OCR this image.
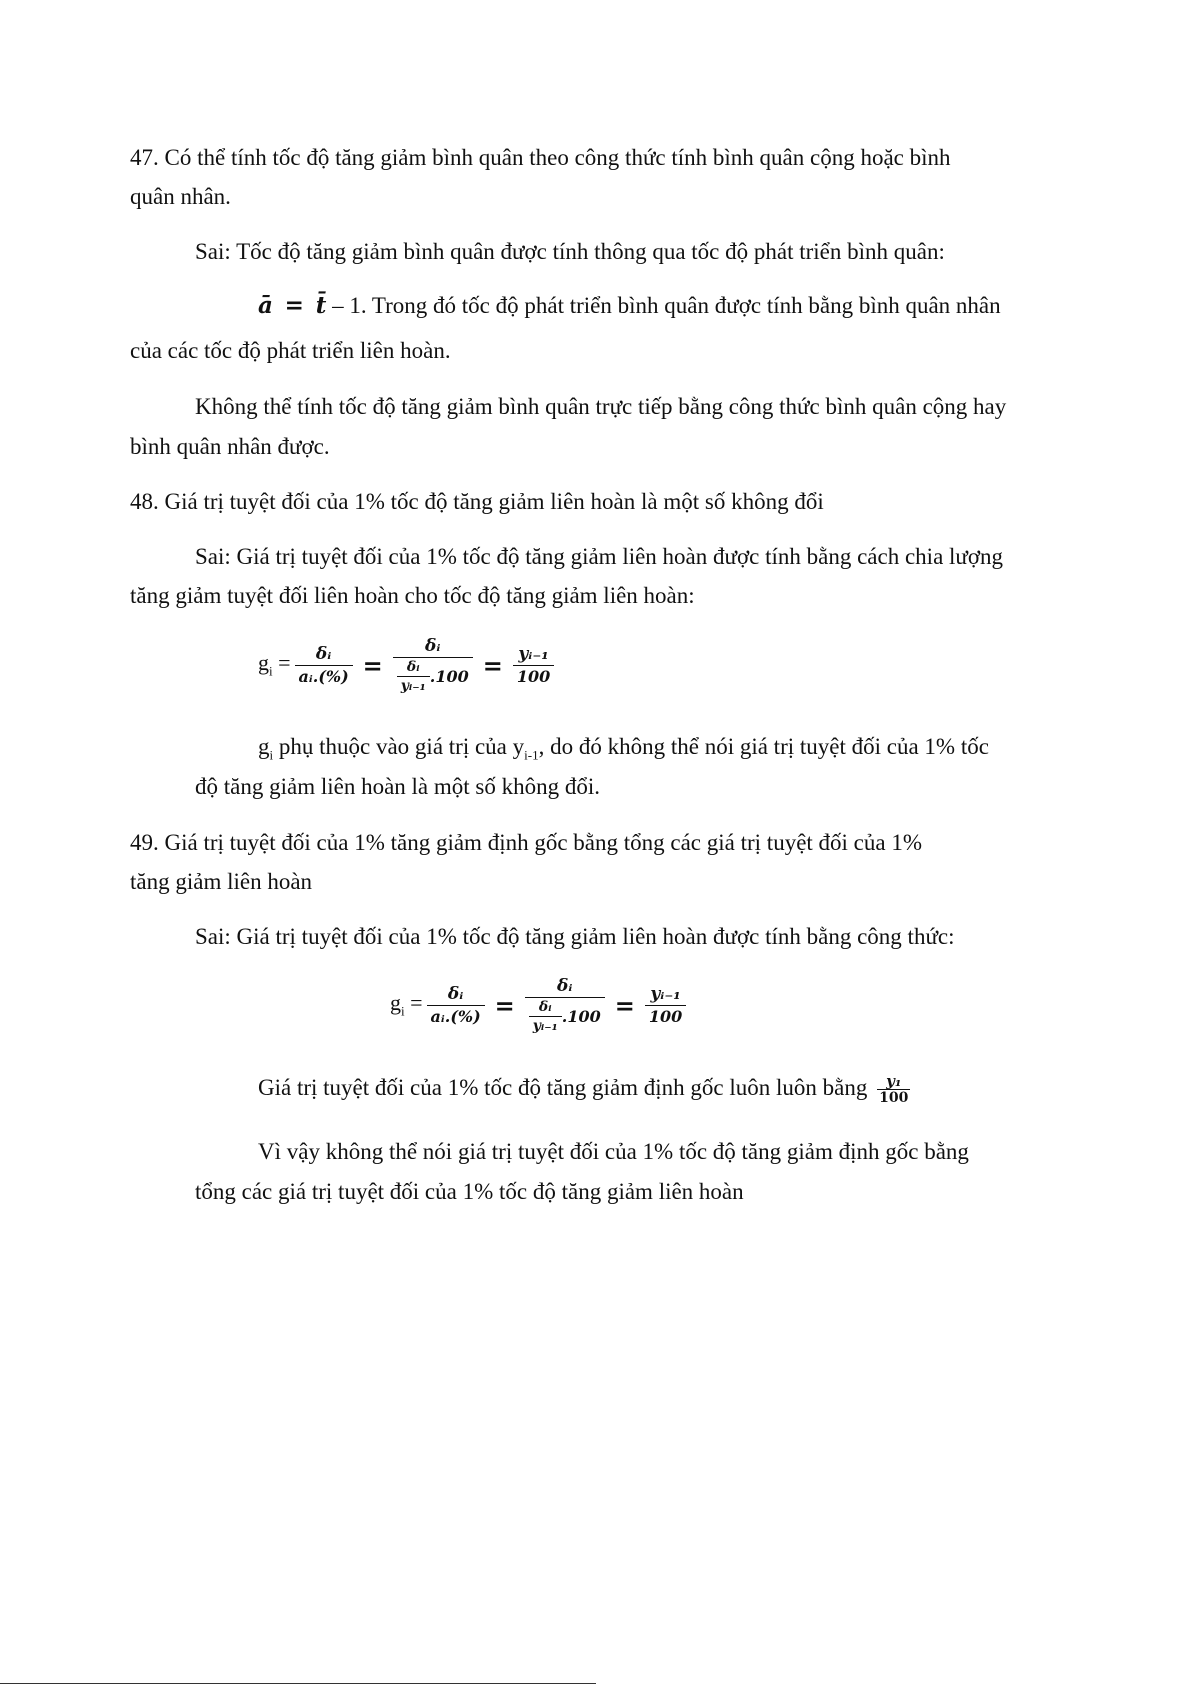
47. Có thể tính tốc độ tăng giảm bình quân theo công thức tính bình quân cộng hoặc bình
quân nhân.
Sai: Tốc độ tăng giảm bình quân được tính thông qua tốc độ phát triển bình quân:
ā = t̄ – 1. Trong đó tốc độ phát triển bình quân được tính bằng bình quân nhân
của các tốc độ phát triển liên hoàn.
Không thể tính tốc độ tăng giảm bình quân trực tiếp bằng công thức bình quân cộng hay
bình quân nhân được.
48. Giá trị tuyệt đối của 1% tốc độ tăng giảm liên hoàn là một số không đổi
Sai: Giá trị tuyệt đối của 1% tốc độ tăng giảm liên hoàn được tính bằng cách chia lượng
tăng giảm tuyệt đối liên hoàn cho tốc độ tăng giảm liên hoàn:
$g_i = \frac{\text{δᵢ}}{\text{aᵢ.(\%)}} = \frac{\text{δᵢ}}{\frac{\text{δᵢ}}{\text{yᵢ₋₁}} .100} = \frac{\text{yᵢ₋₁}}{100}$
$g_i$ phụ thuộc vào giá trị của $y_{i-1}$, do đó không thể nói giá trị tuyệt đối của 1% tốc
độ tăng giảm liên hoàn là một số không đổi.
49. Giá trị tuyệt đối của 1% tăng giảm định gốc bằng tổng các giá trị tuyệt đối của 1%
tăng giảm liên hoàn
Sai: Giá trị tuyệt đối của 1% tốc độ tăng giảm liên hoàn được tính bằng công thức:
$g_i = \frac{\text{δᵢ}}{\text{aᵢ.(\%)}} = \frac{\text{δᵢ}}{\frac{\text{δᵢ}}{\text{yᵢ₋₁}} .100} = \frac{\text{yᵢ₋₁}}{100}$
Giá trị tuyệt đối của 1% tốc độ tăng giảm định gốc luôn luôn bằng $\frac{\text{y₁}}{100}$
Vì vậy không thể nói giá trị tuyệt đối của 1% tốc độ tăng giảm định gốc bằng
tổng các giá trị tuyệt đối của 1% tốc độ tăng giảm liên hoàn
